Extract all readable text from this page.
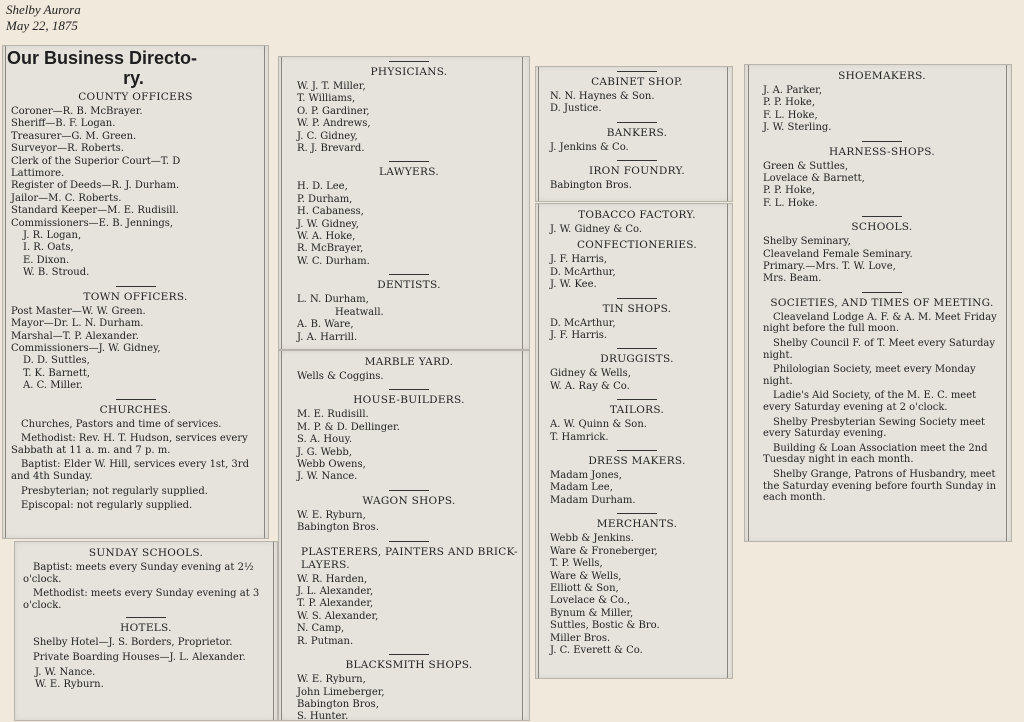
Shelby Aurora
May 22, 1875
Our Business Directo-
ry.
COUNTY OFFICERS
Coroner—R. B. McBrayer.
Sheriff—B. F. Logan.
Treasurer—G. M. Green.
Surveyor—R. Roberts.
Clerk of the Superior Court—T. D
Lattimore.
Register of Deeds—R. J. Durham.
Jailor—M. C. Roberts.
Standard Keeper—M. E. Rudisill.
Commissioners—E. B. Jennings,
J. R. Logan,
I. R. Oats,
E. Dixon.
W. B. Stroud.
TOWN OFFICERS.
Post Master—W. W. Green.
Mayor—Dr. L. N. Durham.
Marshal—T. P. Alexander.
Commissioners—J. W. Gidney,
D. D. Suttles,
T. K. Barnett,
A. C. Miller.
CHURCHES.
Churches, Pastors and time of services.
Methodist: Rev. H. T. Hudson, services every Sabbath at 11 a. m. and 7 p. m.
Baptist: Elder W. Hill, services every 1st, 3rd and 4th Sunday.
Presbyterian; not regularly supplied.
Episcopal: not regularly supplied.
SUNDAY SCHOOLS.
Baptist: meets every Sunday evening at 2½ o'clock.
Methodist: meets every Sunday evening at 3 o'clock.
HOTELS.
Shelby Hotel—J. S. Borders, Proprietor.
Private Boarding Houses—J. L. Alexander.
J. W. Nance.
W. E. Ryburn.
PHYSICIANS.
W. J. T. Miller,
T. Williams,
O. P. Gardiner,
W. P. Andrews,
J. C. Gidney,
R. J. Brevard.
LAWYERS.
H. D. Lee,
P. Durham,
H. Cabaness,
J. W. Gidney,
W. A. Hoke,
R. McBrayer,
W. C. Durham.
DENTISTS.
L. N. Durham,
Heatwall.
A. B. Ware,
J. A. Harrill.
MARBLE YARD.
Wells & Coggins.
HOUSE-BUILDERS.
M. E. Rudisill.
M. P. & D. Dellinger.
S. A. Houy.
J. G. Webb,
Webb Owens,
J. W. Nance.
WAGON SHOPS.
W. E. Ryburn,
Babington Bros.
PLASTERERS, PAINTERS AND BRICK-LAYERS.
W. R. Harden,
J. L. Alexander,
T. P. Alexander,
W. S. Alexander,
N. Camp,
R. Putman.
BLACKSMITH SHOPS.
W. E. Ryburn,
John Limeberger,
Babington Bros,
S. Hunter.
CABINET SHOP.
N. N. Haynes & Son.
D. Justice.
BANKERS.
J. Jenkins & Co.
IRON FOUNDRY.
Babington Bros.
TOBACCO FACTORY.
J. W. Gidney & Co.
CONFECTIONERIES.
J. F. Harris,
D. McArthur,
J. W. Kee.
TIN SHOPS.
D. McArthur,
J. F. Harris.
DRUGGISTS.
Gidney & Wells,
W. A. Ray & Co.
TAILORS.
A. W. Quinn & Son.
T. Hamrick.
DRESS MAKERS.
Madam Jones,
Madam Lee,
Madam Durham.
MERCHANTS.
Webb & Jenkins.
Ware & Froneberger,
T. P. Wells,
Ware & Wells,
Elliott & Son,
Lovelace & Co.,
Bynum & Miller,
Suttles, Bostic & Bro.
Miller Bros.
J. C. Everett & Co.
SHOEMAKERS.
J. A. Parker,
P. P. Hoke,
F. L. Hoke,
J. W. Sterling.
HARNESS-SHOPS.
Green & Suttles,
Lovelace & Barnett,
P. P. Hoke,
F. L. Hoke.
SCHOOLS.
Shelby Seminary,
Cleaveland Female Seminary.
Primary.—Mrs. T. W. Love,
Mrs. Beam.
SOCIETIES, AND TIMES OF MEETING.
Cleaveland Lodge A. F. & A. M. Meet Friday night before the full moon.
Shelby Council F. of T. Meet every Saturday night.
Philologian Society, meet every Monday night.
Ladie's Aid Society, of the M. E. C. meet every Saturday evening at 2 o'clock.
Shelby Presbyterian Sewing Society meet every Saturday evening.
Building & Loan Association meet the 2nd Tuesday night in each month.
Shelby Grange, Patrons of Husbandry, meet the Saturday evening before fourth Sunday in each month.
